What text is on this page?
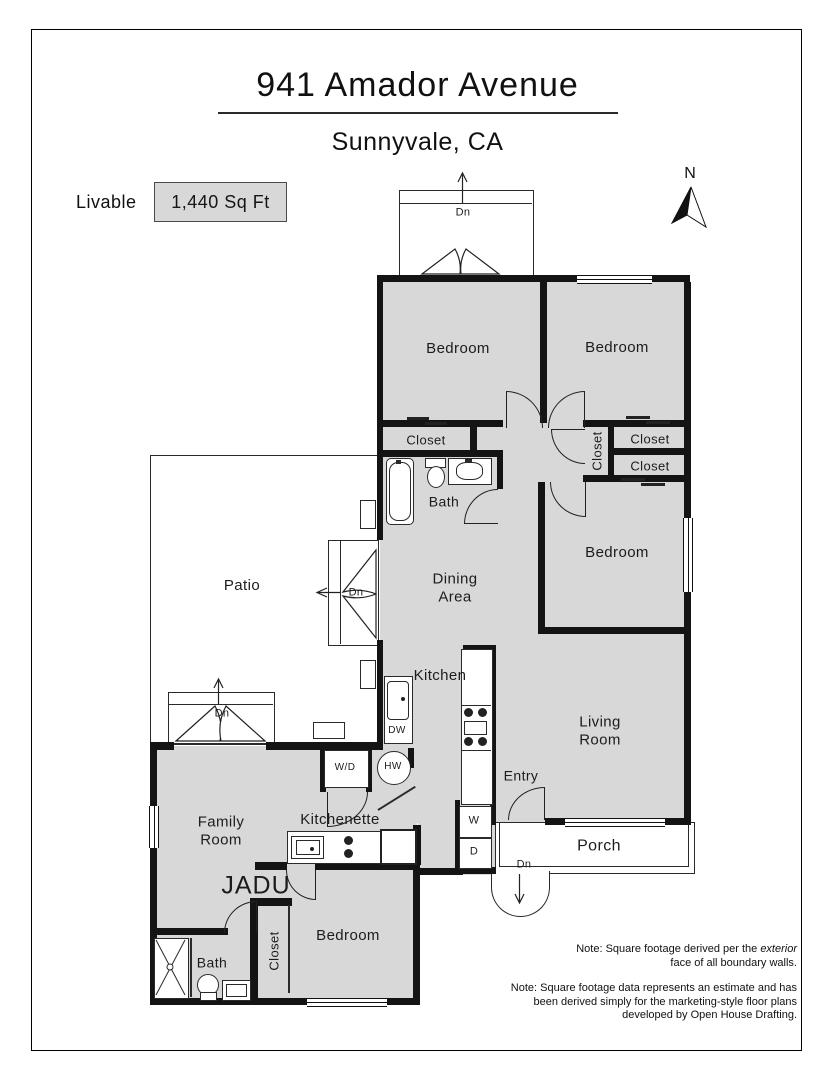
941 Amador Avenue
Sunnyvale, CA
Livable	1,440 Sq Ft
N
Bedroom	Bedroom
Bedroom
Bedroom
Closet	Closet Closet
Closet
Closet
Bath
Bath
Dining Area
Living Room
Family Room
Kitchen
Kitchenette
Patio
Porch
Entry
JADU
DW
HW
W/D
W
D
Dn
Dn
Dn
Dn
Note: Square footage derived per the exterior
face of all boundary walls.
Note: Square footage data represents an estimate and has been derived simply for the marketing-style floor plans developed by Open House Drafting.
